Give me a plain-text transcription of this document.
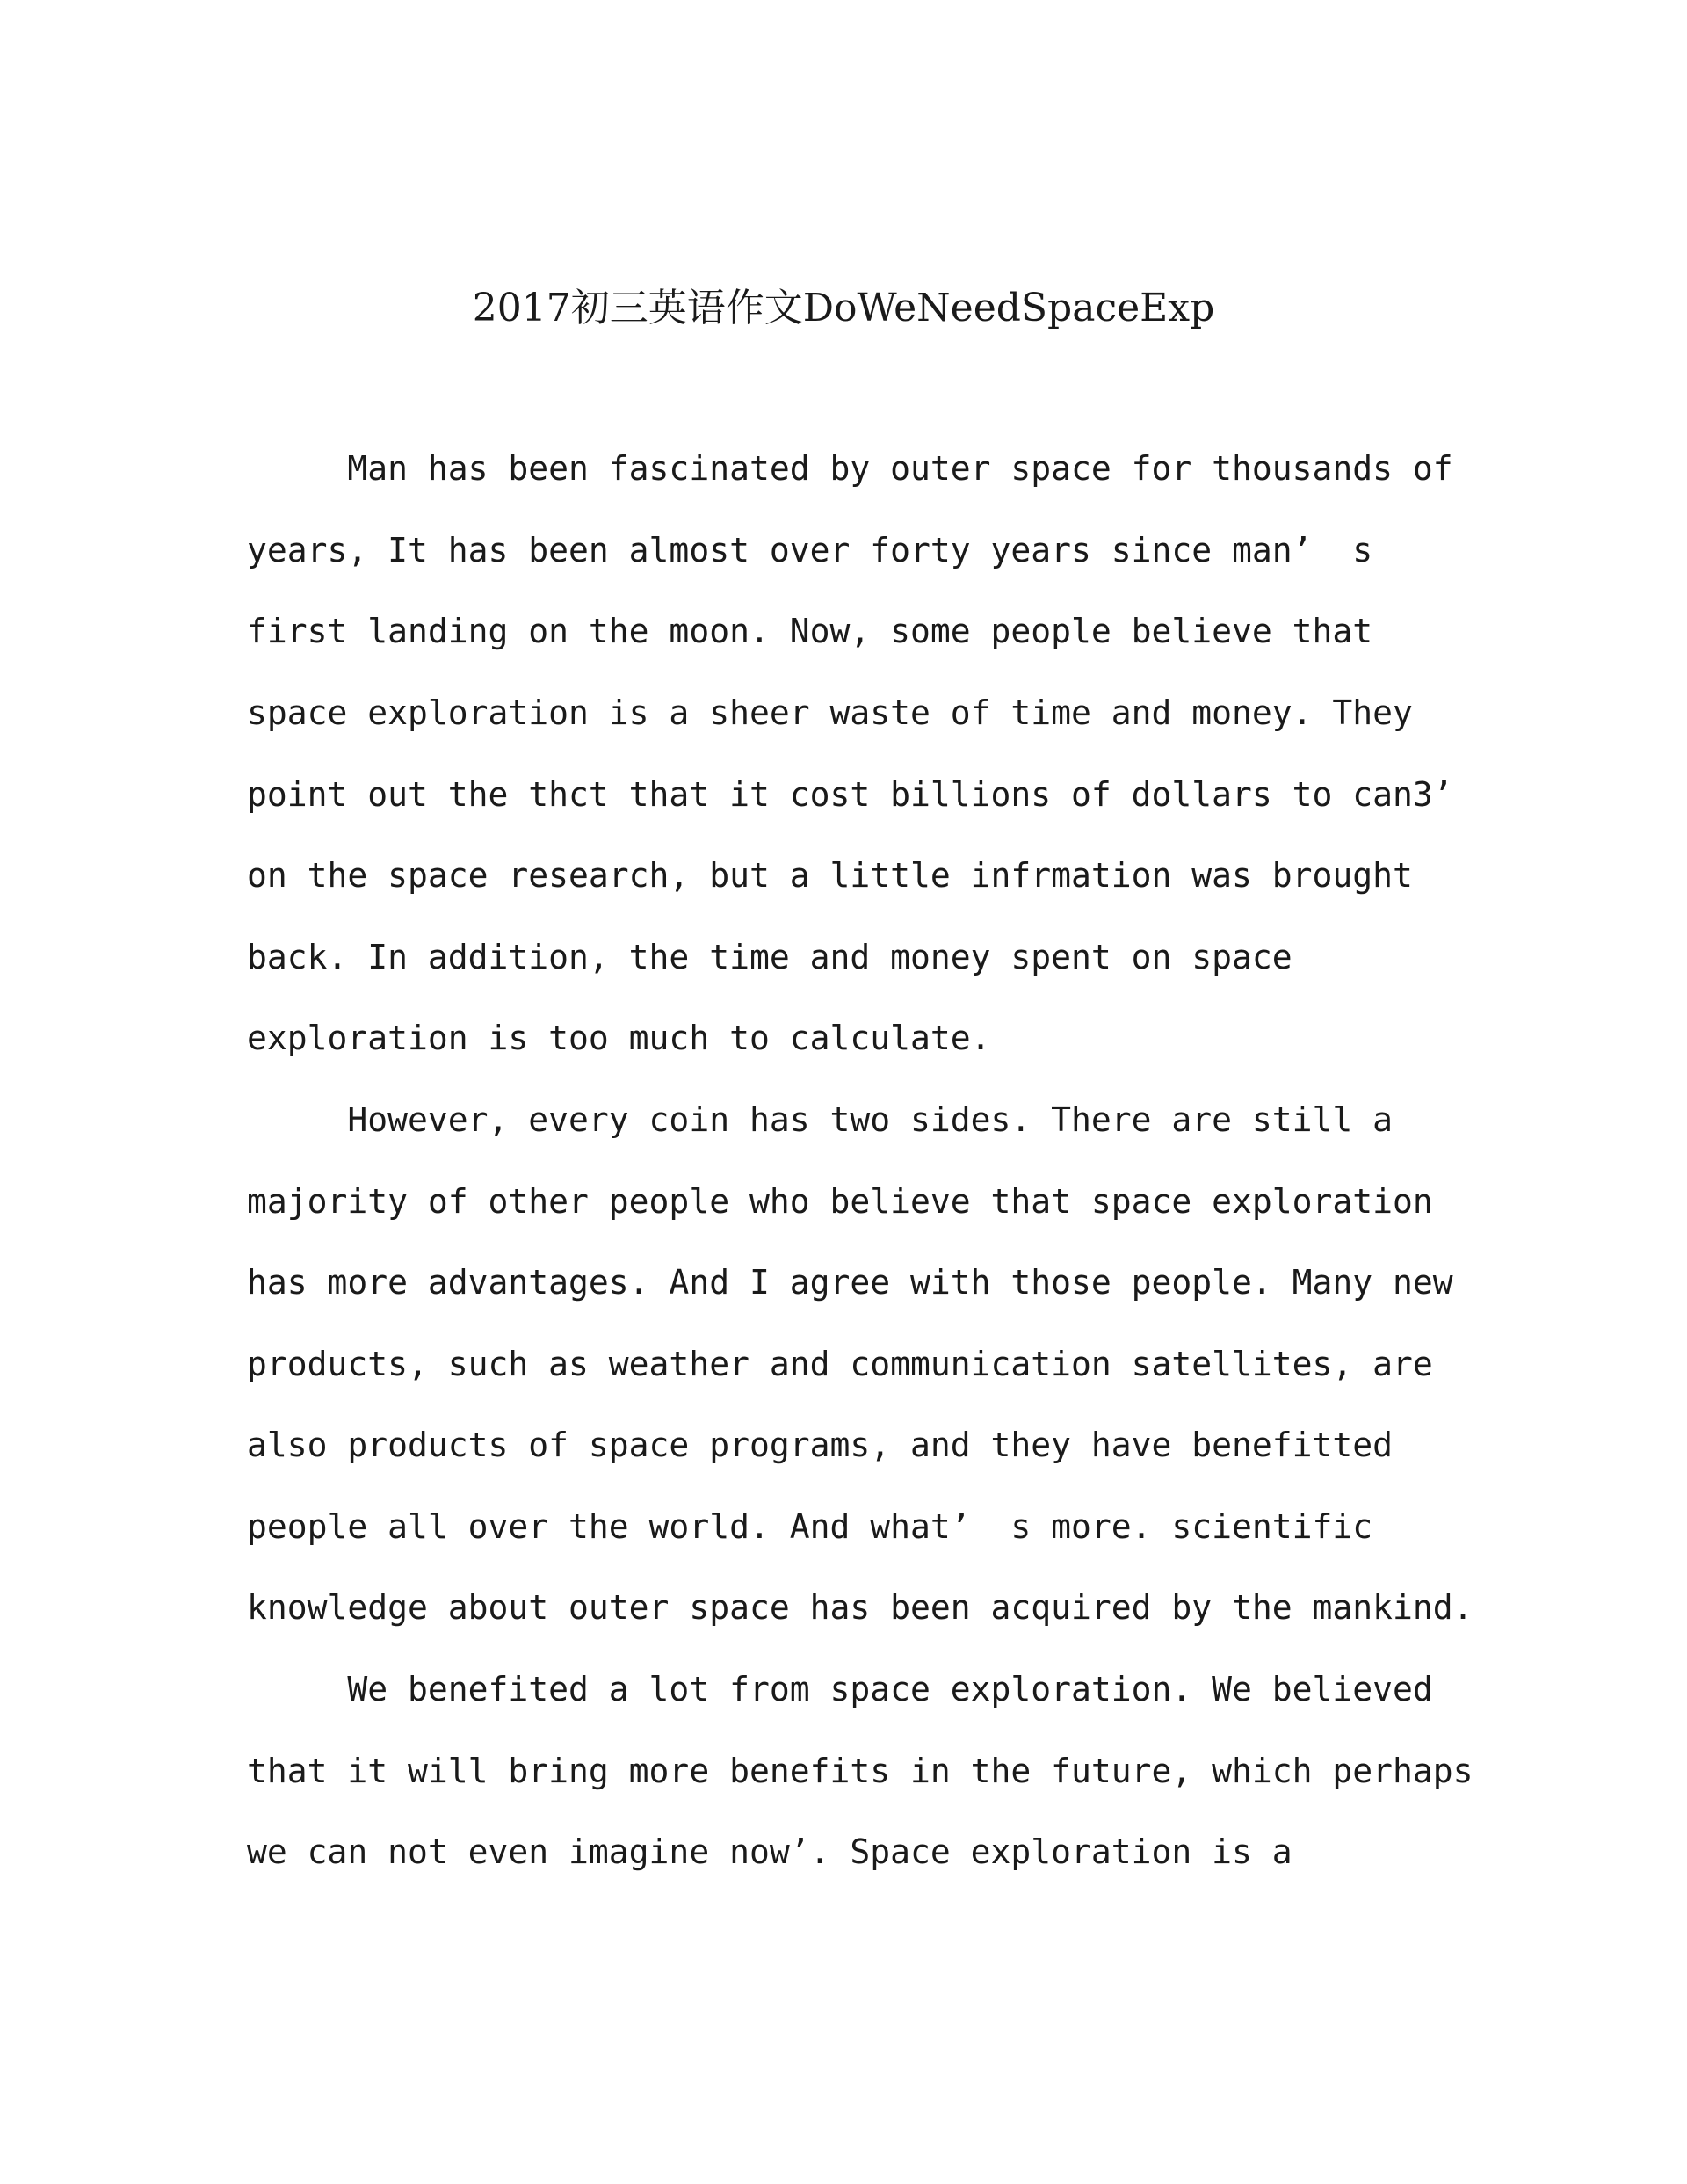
2017初三英语作文DoWeNeedSpaceExp
Man has been fascinated by outer space for thousands of
years, It has been almost over forty years since man’  s
first landing on the moon. Now, some people believe that
space exploration is a sheer waste of time and money. They
point out the thct that it cost billions of dollars to can3’
on the space research, but a little infrmation was brought
back. In addition, the time and money spent on space
exploration is too much to calculate.
However, every coin has two sides. There are still a
majority of other people who believe that space exploration
has more advantages. And I agree with those people. Many new
products, such as weather and communication satellites, are
also products of space programs, and they have benefitted
people all over the world. And what’  s more. scientific
knowledge about outer space has been acquired by the mankind.
We benefited a lot from space exploration. We believed
that it will bring more benefits in the future, which perhaps
we can not even imagine now’. Space exploration is a
